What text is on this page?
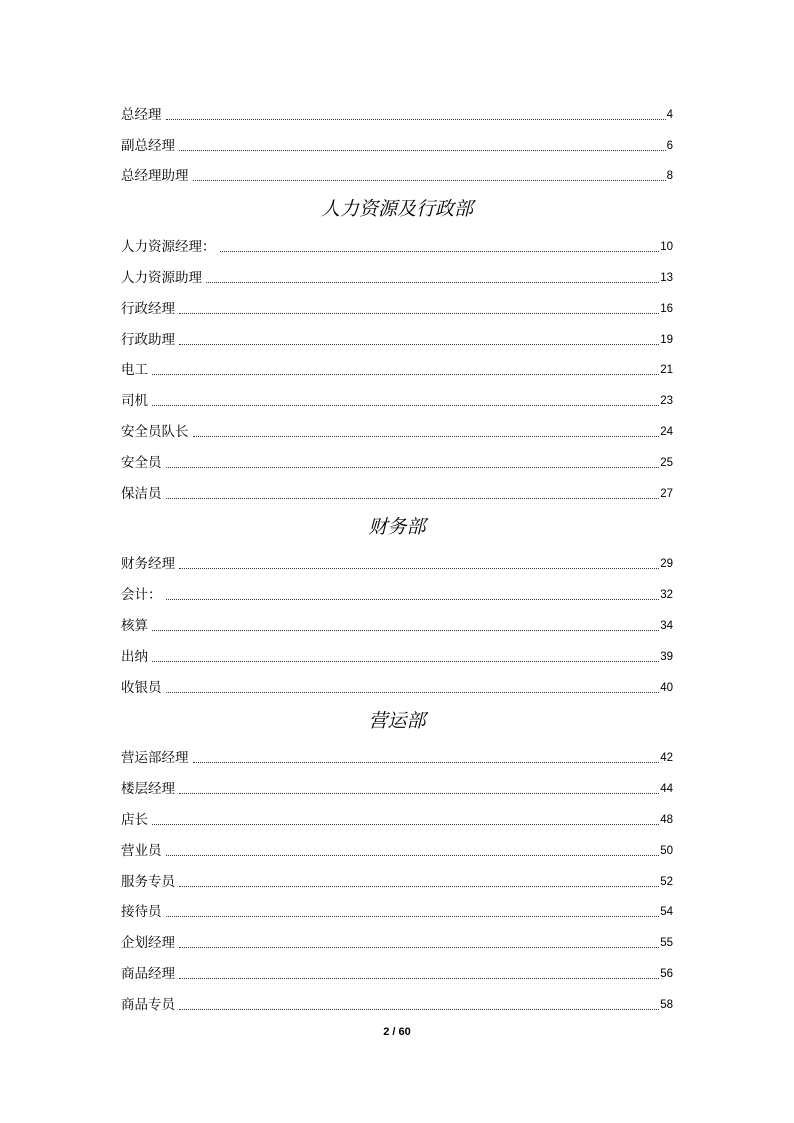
总经理	4
副总经理	6
总经理助理	8
人力资源及行政部
人力资源经理：	10
人力资源助理	13
行政经理	16
行政助理	19
电工	21
司机	23
安全员队长	24
安全员	25
保洁员	27
财务部
财务经理	29
会计：	32
核算	34
出纳	39
收银员	40
营运部
营运部经理	42
楼层经理	44
店长	48
营业员	50
服务专员	52
接待员	54
企划经理	55
商品经理	56
商品专员	58
2 / 60
